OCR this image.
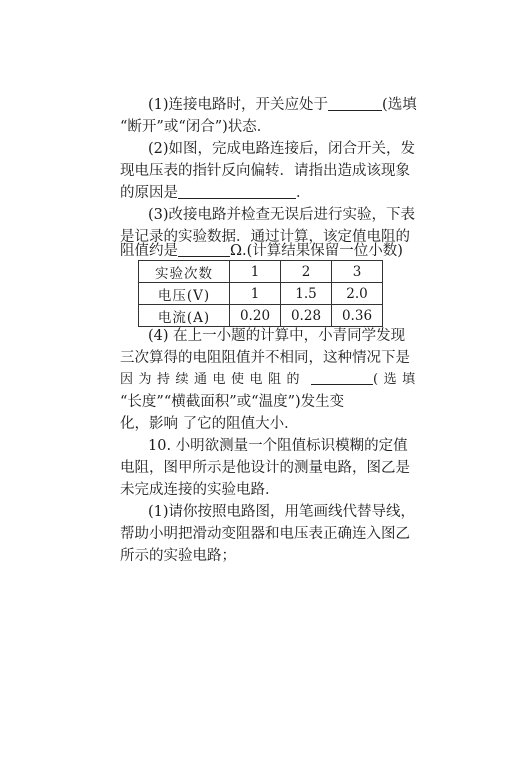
(1)连接电路时，开关应处于	(选填
“断开”或“闭合”)状态．
(2)如图，完成电路连接后，闭合开关，发
现电压表的指针反向偏转．请指出造成该现象
的原因是	．
(3)改接电路并检查无误后进行实验，下表
是记录的实验数据．通过计算，该定值电阻的
阻值约是	Ω.(计算结果保留一位小数)
实验次数	1	2	3
电压(V)	1	1.5	2.0
电流(A)	0.20	0.28	0.36
(4) 在上一小题的计算中，小青同学发现
三次算得的电阻阻值并不相同，这种情况下是
因为持续通电使电阻的	(选填
“长度”“横截面积”或“温度”)发生变
化，影响 了它的阻值大小．
10. 小明欲测量一个阻值标识模糊的定值
电阻，图甲所示是他设计的测量电路，图乙是
未完成连接的实验电路．
(1)请你按照电路图，用笔画线代替导线，
帮助小明把滑动变阻器和电压表正确连入图乙
所示的实验电路；
